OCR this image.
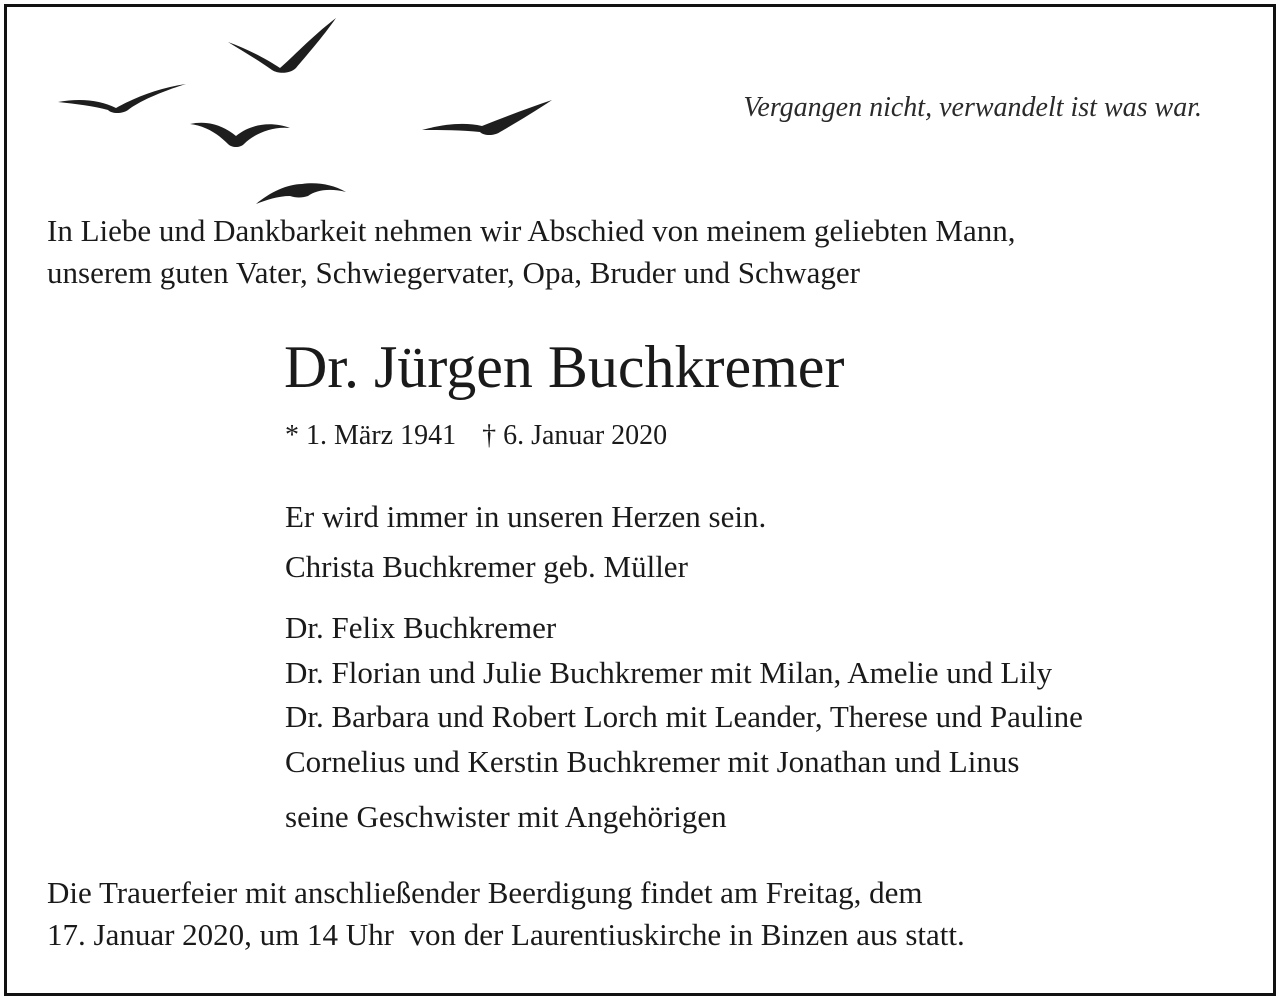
Vergangen nicht, verwandelt ist was war.
In Liebe und Dankbarkeit nehmen wir Abschied von meinem geliebten Mann,
unserem guten Vater, Schwiegervater, Opa, Bruder und Schwager
Dr. Jürgen Buchkremer
* 1. März 1941 † 6. Januar 2020
Er wird immer in unseren Herzen sein.
Christa Buchkremer geb. Müller
Dr. Felix Buchkremer
Dr. Florian und Julie Buchkremer mit Milan, Amelie und Lily
Dr. Barbara und Robert Lorch mit Leander, Therese und Pauline
Cornelius und Kerstin Buchkremer mit Jonathan und Linus
seine Geschwister mit Angehörigen
Die Trauerfeier mit anschließender Beerdigung findet am Freitag, dem
17. Januar 2020, um 14 Uhr  von der Laurentiuskirche in Binzen aus statt.
